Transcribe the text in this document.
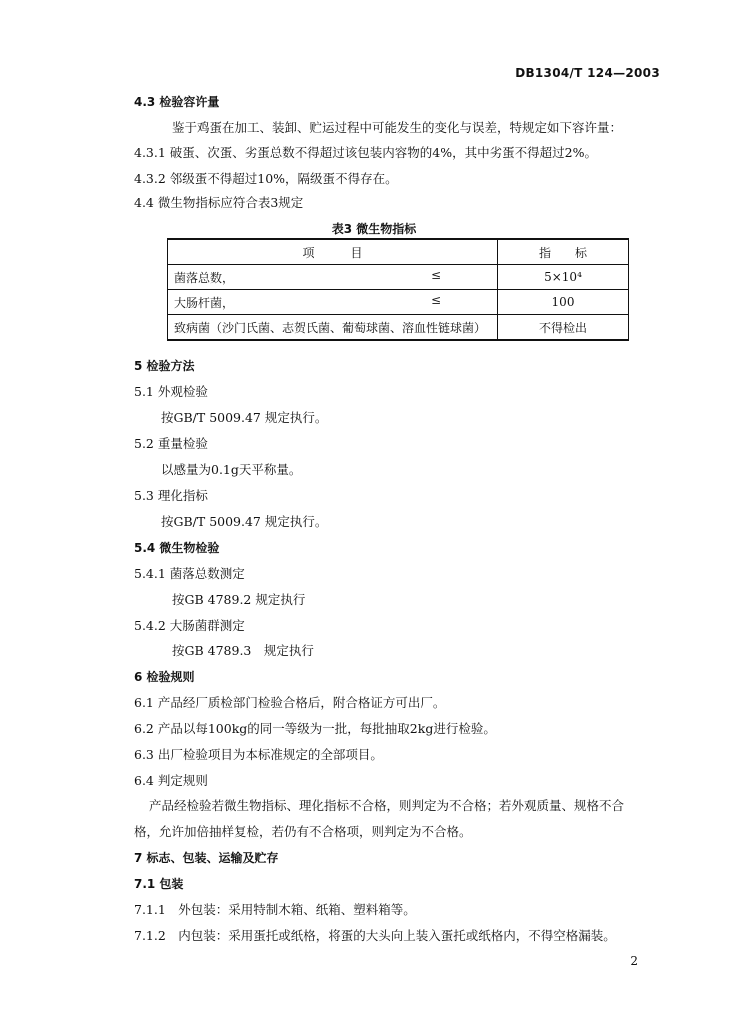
DB1304/T 124—2003
4.3 检验容许量
鉴于鸡蛋在加工、装卸、贮运过程中可能发生的变化与误差，特规定如下容许量：
4.3.1 破蛋、次蛋、劣蛋总数不得超过该包装内容物的4%，其中劣蛋不得超过2%。
4.3.2 邻级蛋不得超过10%，隔级蛋不得存在。
4.4 微生物指标应符合表3规定
表3 微生物指标
项　　　目	指　　标
菌落总数， ≤	5×10⁴
大肠杆菌， ≤	100
致病菌（沙门氏菌、志贺氏菌、葡萄球菌、溶血性链球菌）	不得检出
5 检验方法
5.1 外观检验
按GB/T 5009.47 规定执行。
5.2 重量检验
以感量为0.1g天平称量。
5.3 理化指标
按GB/T 5009.47 规定执行。
5.4 微生物检验
5.4.1 菌落总数测定
按GB 4789.2 规定执行
5.4.2 大肠菌群测定
按GB 4789.3　规定执行
6 检验规则
6.1 产品经厂质检部门检验合格后，附合格证方可出厂。
6.2 产品以每100kg的同一等级为一批，每批抽取2kg进行检验。
6.3 出厂检验项目为本标准规定的全部项目。
6.4 判定规则
产品经检验若微生物指标、理化指标不合格，则判定为不合格；若外观质量、规格不合
格，允许加倍抽样复检，若仍有不合格项，则判定为不合格。
7 标志、包装、运输及贮存
7.1 包装
7.1.1　外包装：采用特制木箱、纸箱、塑料箱等。
7.1.2　内包装：采用蛋托或纸格，将蛋的大头向上装入蛋托或纸格内，不得空格漏装。
2
